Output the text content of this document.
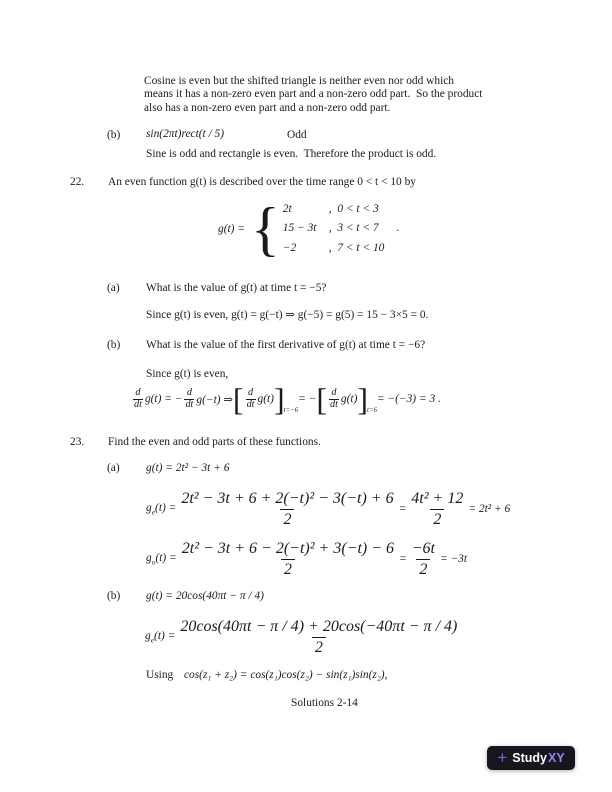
Cosine is even but the shifted triangle is neither even nor odd which
means it has a non-zero even part and a non-zero odd part.  So the product
also has a non-zero even part and a non-zero odd part.
(b) sin(2πt)rect(t / 5)	Odd
Sine is odd and rectangle is even.  Therefore the product is odd.
22. An even function g(t) is described over the time range 0 < t < 10 by
g(t) = { 2t	,  0 < t < 3
15 − 3t	,  3 < t < 7
−2	,  7 < t < 10
.
(a) What is the value of g(t) at time t = −5?
Since g(t) is even, g(t) = g(−t) ⇒ g(−5) = g(5) = 15 − 3×5 = 0.
(b) What is the value of the first derivative of g(t) at time t = −6?
Since g(t) is even,
$\frac{d}{dt} g(t)$ = − $\frac{d}{dt} g(-t)$ ⇒ [ $\frac{d}{dt} g(t)$ ] t=−6
= − [ $\frac{d}{dt} g(t)$ ] t=6
= −(−3) = 3 .
23. Find the even and odd parts of these functions.
(a) g(t) = 2t² − 3t + 6
$g_e(t) = \frac{\text{2t² − 3t + 6 + 2(−t)² − 3(−t) + 6}}{2} = \frac{\text{4t² + 12}}{2} = 2t^2 + 6$
$g_o(t) = \frac{\text{2t² − 3t + 6 − 2(−t)² + 3(−t) − 6}}{2} = \frac{-6t}{2} = -3t$
(b) g(t) = 20cos(40πt − π / 4)
$g_e(t) = \frac{20\cos(40\pi t - \pi / 4) + 20\cos(-40\pi t - \pi / 4)}{2}$
Using cos(z₁ + z₂) = cos(z₁)cos(z₂) − sin(z₁)sin(z₂),
Solutions 2-14
+ Study XY
